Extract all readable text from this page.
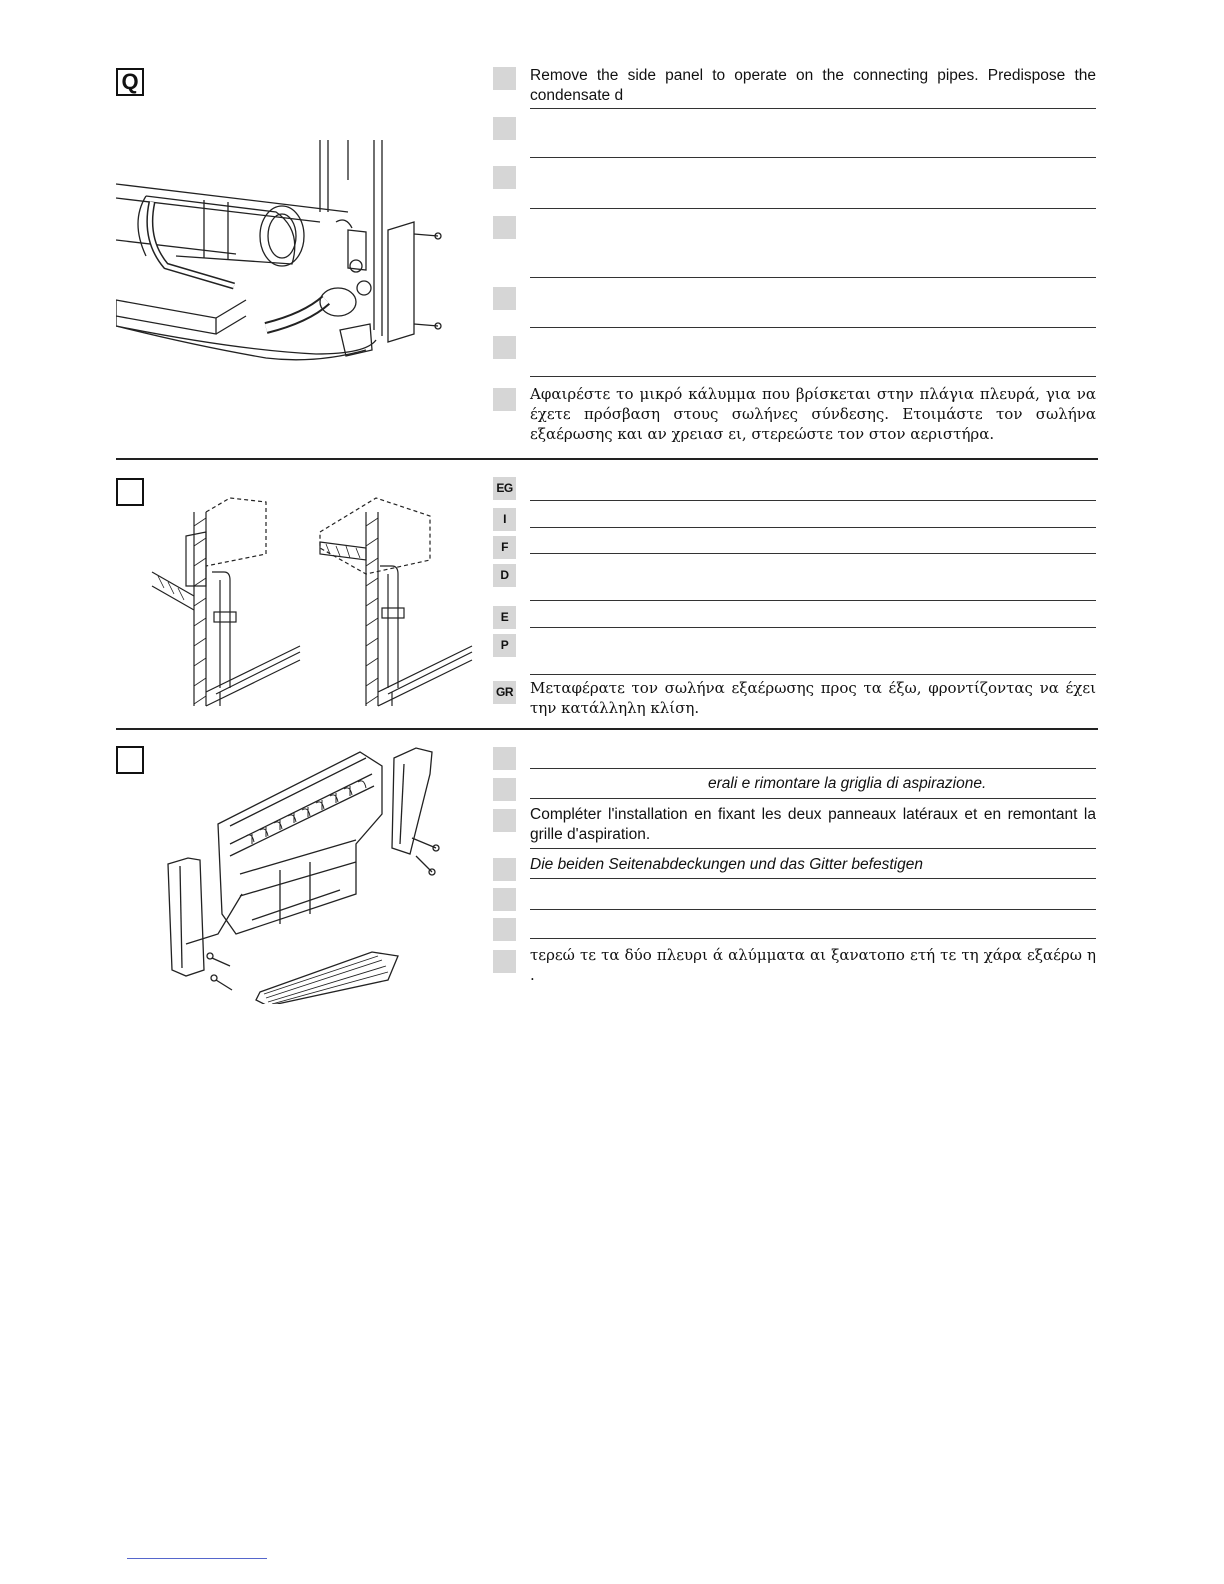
Q	Remove the side panel to operate on the connecting pipes. Predispose the condensate d
Αφαιρέστε το μικρό κάλυμμα που βρίσκεται στην πλάγια πλευρά, για να έχετε πρόσβαση στους σωλήνες σύνδεσης. Ετοιμάστε τον σωλήνα εξαέρωσης και αν χρειασ ει, στερεώστε τον στον αεριστήρα.
EG
I
F
D
E
P
GR Μεταφέρατε τον σωλήνα εξαέρωσης προς τα έξω, φροντίζοντας να έχει την κατάλληλη κλίση.
erali e rimontare la griglia di aspirazione.
Compléter l'installation en fixant les deux panneaux latéraux et en remontant la grille d'aspiration.
Die beiden Seitenabdeckungen und das Gitter befestigen
τερεώ τε τα δύο πλευρι ά αλύμματα αι ξανατοπο ετή τε τη χάρα εξαέρω η .
